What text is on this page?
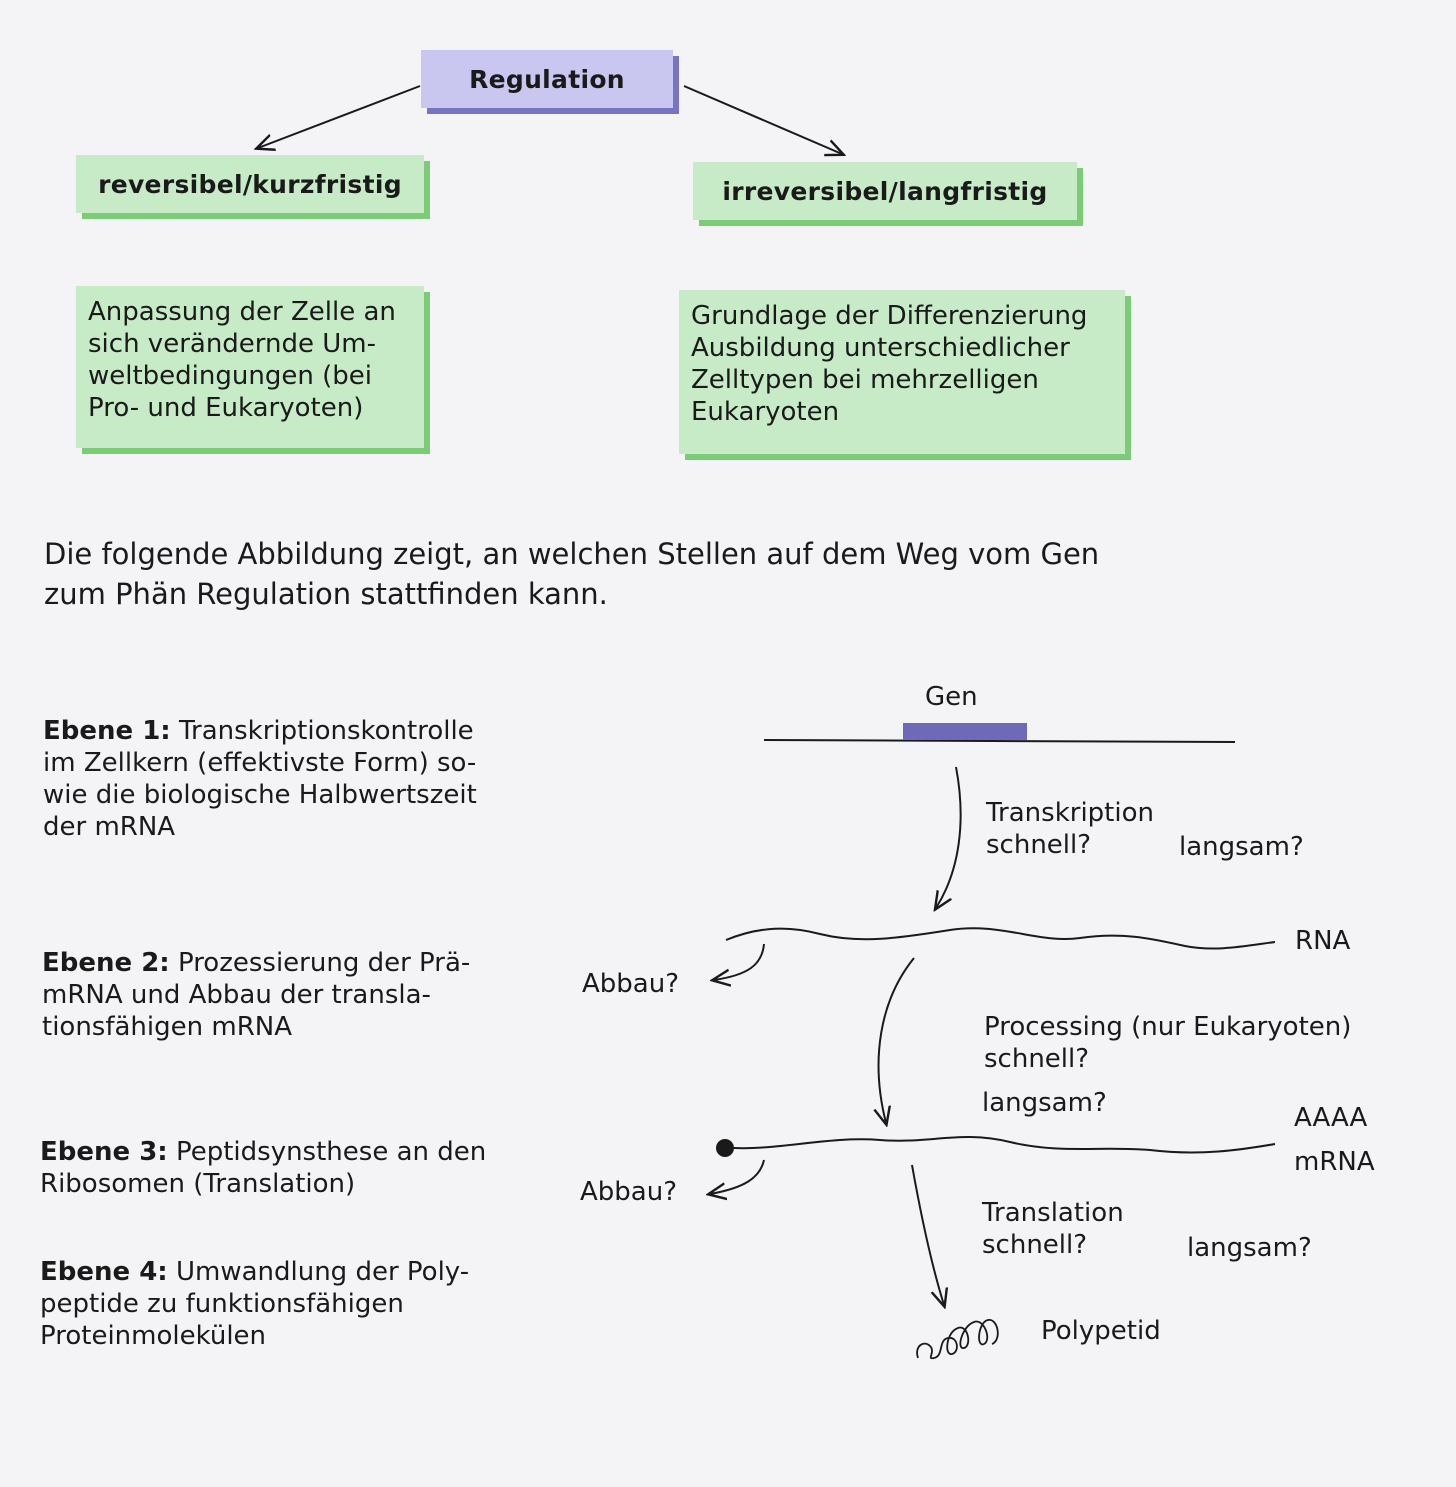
Regulation
reversibel/kurzfristig	irreversibel/langfristig
Anpassung der Zelle an
sich verändernde Um-
weltbedingungen (bei
Pro- und Eukaryoten)
Grundlage der Differenzierung
Ausbildung unterschiedlicher
Zelltypen bei mehrzelligen
Eukaryoten
Die folgende Abbildung zeigt, an welchen Stellen auf dem Weg vom Gen
zum Phän Regulation stattfinden kann.
Ebene 1: Transkriptionskontrolle
im Zellkern (effektivste Form) so-
wie die biologische Halbwertszeit
der mRNA
Ebene 2: Prozessierung der Prä-
mRNA und Abbau der transla-
tionsfähigen mRNA
Ebene 3: Peptidsynsthese an den
Ribosomen (Translation)
Ebene 4: Umwandlung der Poly-
peptide zu funktionsfähigen
Proteinmolekülen
Gen
Transkription
schnell?	langsam?
RNA
Abbau?
Processing (nur Eukaryoten)
schnell?
langsam?	AAAA
mRNA
Abbau?
Translation
schnell?	langsam?
Polypetid
